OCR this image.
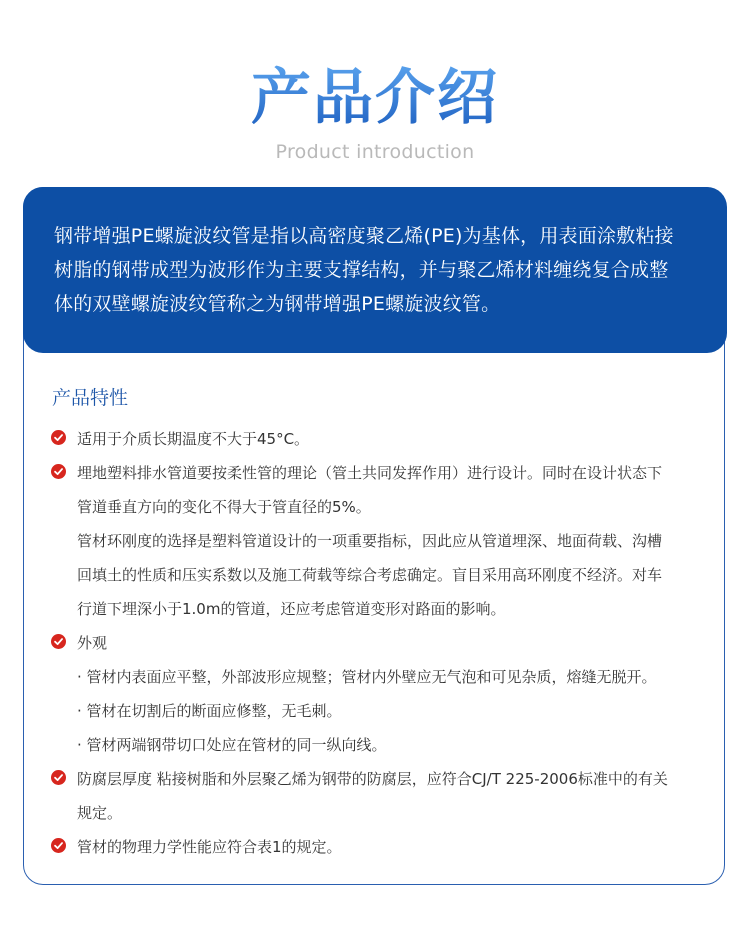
产品介绍
Product introduction

钢带增强PE螺旋波纹管是指以高密度聚乙烯(PE)为基体，用表面涂敷粘接

树脂的钢带成型为波形作为主要支撑结构，并与聚乙烯材料缠绕复合成整

体的双壁螺旋波纹管称之为钢带增强PE螺旋波纹管。

产品特性
适用于介质长期温度不大于45°C。
埋地塑料排水管道要按柔性管的理论（管土共同发挥作用）进行设计。同时在设计状态下
管道垂直方向的变化不得大于管直径的5%。
管材环刚度的选择是塑料管道设计的一项重要指标，因此应从管道埋深、地面荷载、沟槽
回填土的性质和压实系数以及施工荷载等综合考虑确定。盲目采用高环刚度不经济。对车
行道下埋深小于1.0m的管道，还应考虑管道变形对路面的影响。
外观
· 管材内表面应平整，外部波形应规整；管材内外壁应无气泡和可见杂质，熔缝无脱开。
· 管材在切割后的断面应修整，无毛刺。
· 管材两端钢带切口处应在管材的同一纵向线。
防腐层厚度 粘接树脂和外层聚乙烯为钢带的防腐层，应符合CJ/T 225-2006标准中的有关
规定。
管材的物理力学性能应符合表1的规定。
